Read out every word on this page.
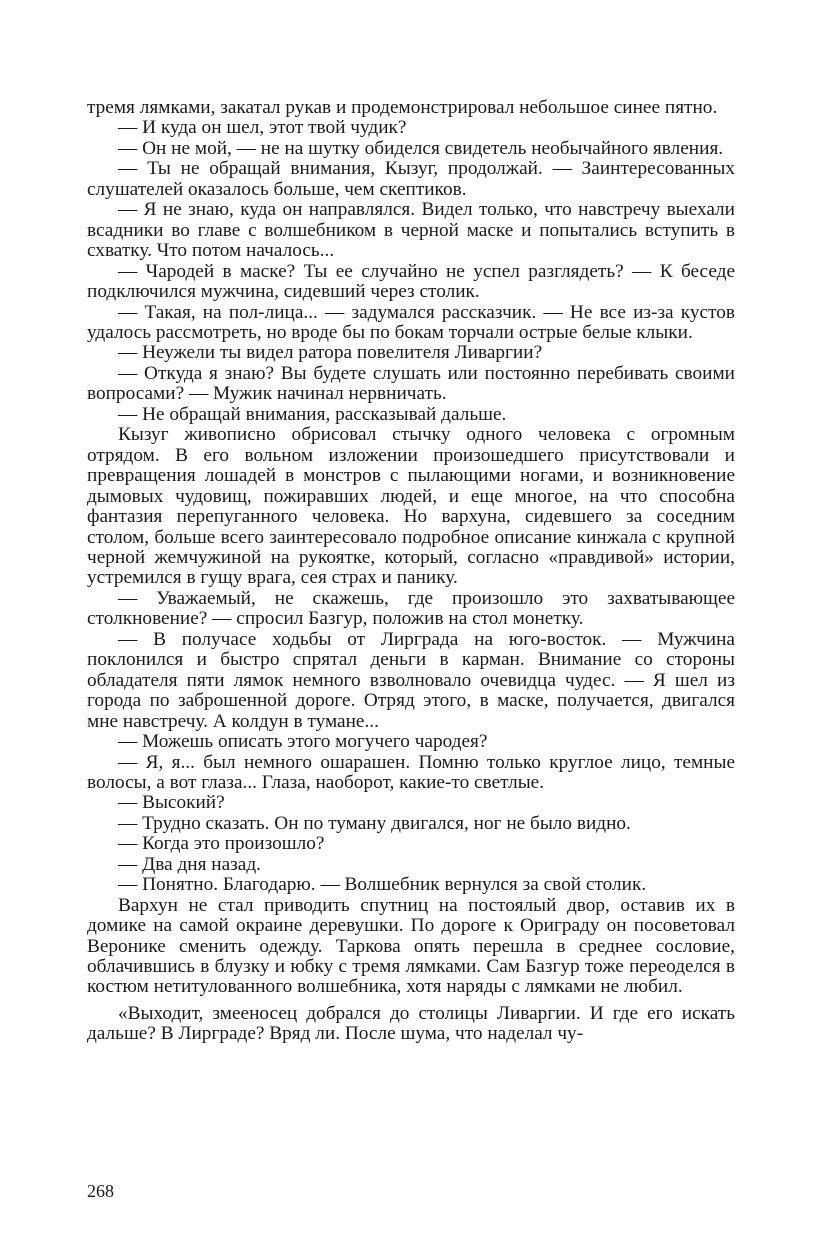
тремя лямками, закатал рукав и продемонстрировал небольшое синее пятно.

— И куда он шел, этот твой чудик?

— Он не мой, — не на шутку обиделся свидетель необычайного явления.

— Ты не обращай внимания, Кызуг, продолжай. — Заинтересованных слушателей оказалось больше, чем скептиков.

— Я не знаю, куда он направлялся. Видел только, что навстречу выехали всадники во главе с волшебником в черной маске и попытались вступить в схватку. Что потом началось...

— Чародей в маске? Ты ее случайно не успел разглядеть? — К беседе подключился мужчина, сидевший через столик.

— Такая, на пол-лица... — задумался рассказчик. — Не все из-за кустов удалось рассмотреть, но вроде бы по бокам торчали острые белые клыки.

— Неужели ты видел ратора повелителя Ливаргии?

— Откуда я знаю? Вы будете слушать или постоянно перебивать своими вопросами? — Мужик начинал нервничать.

— Не обращай внимания, рассказывай дальше.

Кызуг живописно обрисовал стычку одного человека с огромным отрядом. В его вольном изложении произошедшего присутствовали и превращения лошадей в монстров с пылающими ногами, и возникновение дымовых чудовищ, пожиравших людей, и еще многое, на что способна фантазия перепуганного человека. Но вархуна, сидевшего за соседним столом, больше всего заинтересовало подробное описание кинжала с крупной черной жемчужиной на рукоятке, который, согласно «правдивой» истории, устремился в гущу врага, сея страх и панику.

— Уважаемый, не скажешь, где произошло это захватывающее столкновение? — спросил Базгур, положив на стол монетку.

— В получасе ходьбы от Лирграда на юго-восток. — Мужчина поклонился и быстро спрятал деньги в карман. Внимание со стороны обладателя пяти лямок немного взволновало очевидца чудес. — Я шел из города по заброшенной дороге. Отряд этого, в маске, получается, двигался мне навстречу. А колдун в тумане...

— Можешь описать этого могучего чародея?

— Я, я... был немного ошарашен. Помню только круглое лицо, темные волосы, а вот глаза... Глаза, наоборот, какие-то светлые.

— Высокий?

— Трудно сказать. Он по туману двигался, ног не было видно.

— Когда это произошло?

— Два дня назад.

— Понятно. Благодарю. — Волшебник вернулся за свой столик.

Вархун не стал приводить спутниц на постоялый двор, оставив их в домике на самой окраине деревушки. По дороге к Ориграду он посоветовал Веронике сменить одежду. Таркова опять перешла в среднее сословие, облачившись в блузку и юбку с тремя лямками. Сам Базгур тоже переоделся в костюм нетитулованного волшебника, хотя наряды с лямками не любил.

«Выходит, змееносец добрался до столицы Ливаргии. И где его искать дальше? В Лирграде? Вряд ли. После шума, что наделал чу-

268
